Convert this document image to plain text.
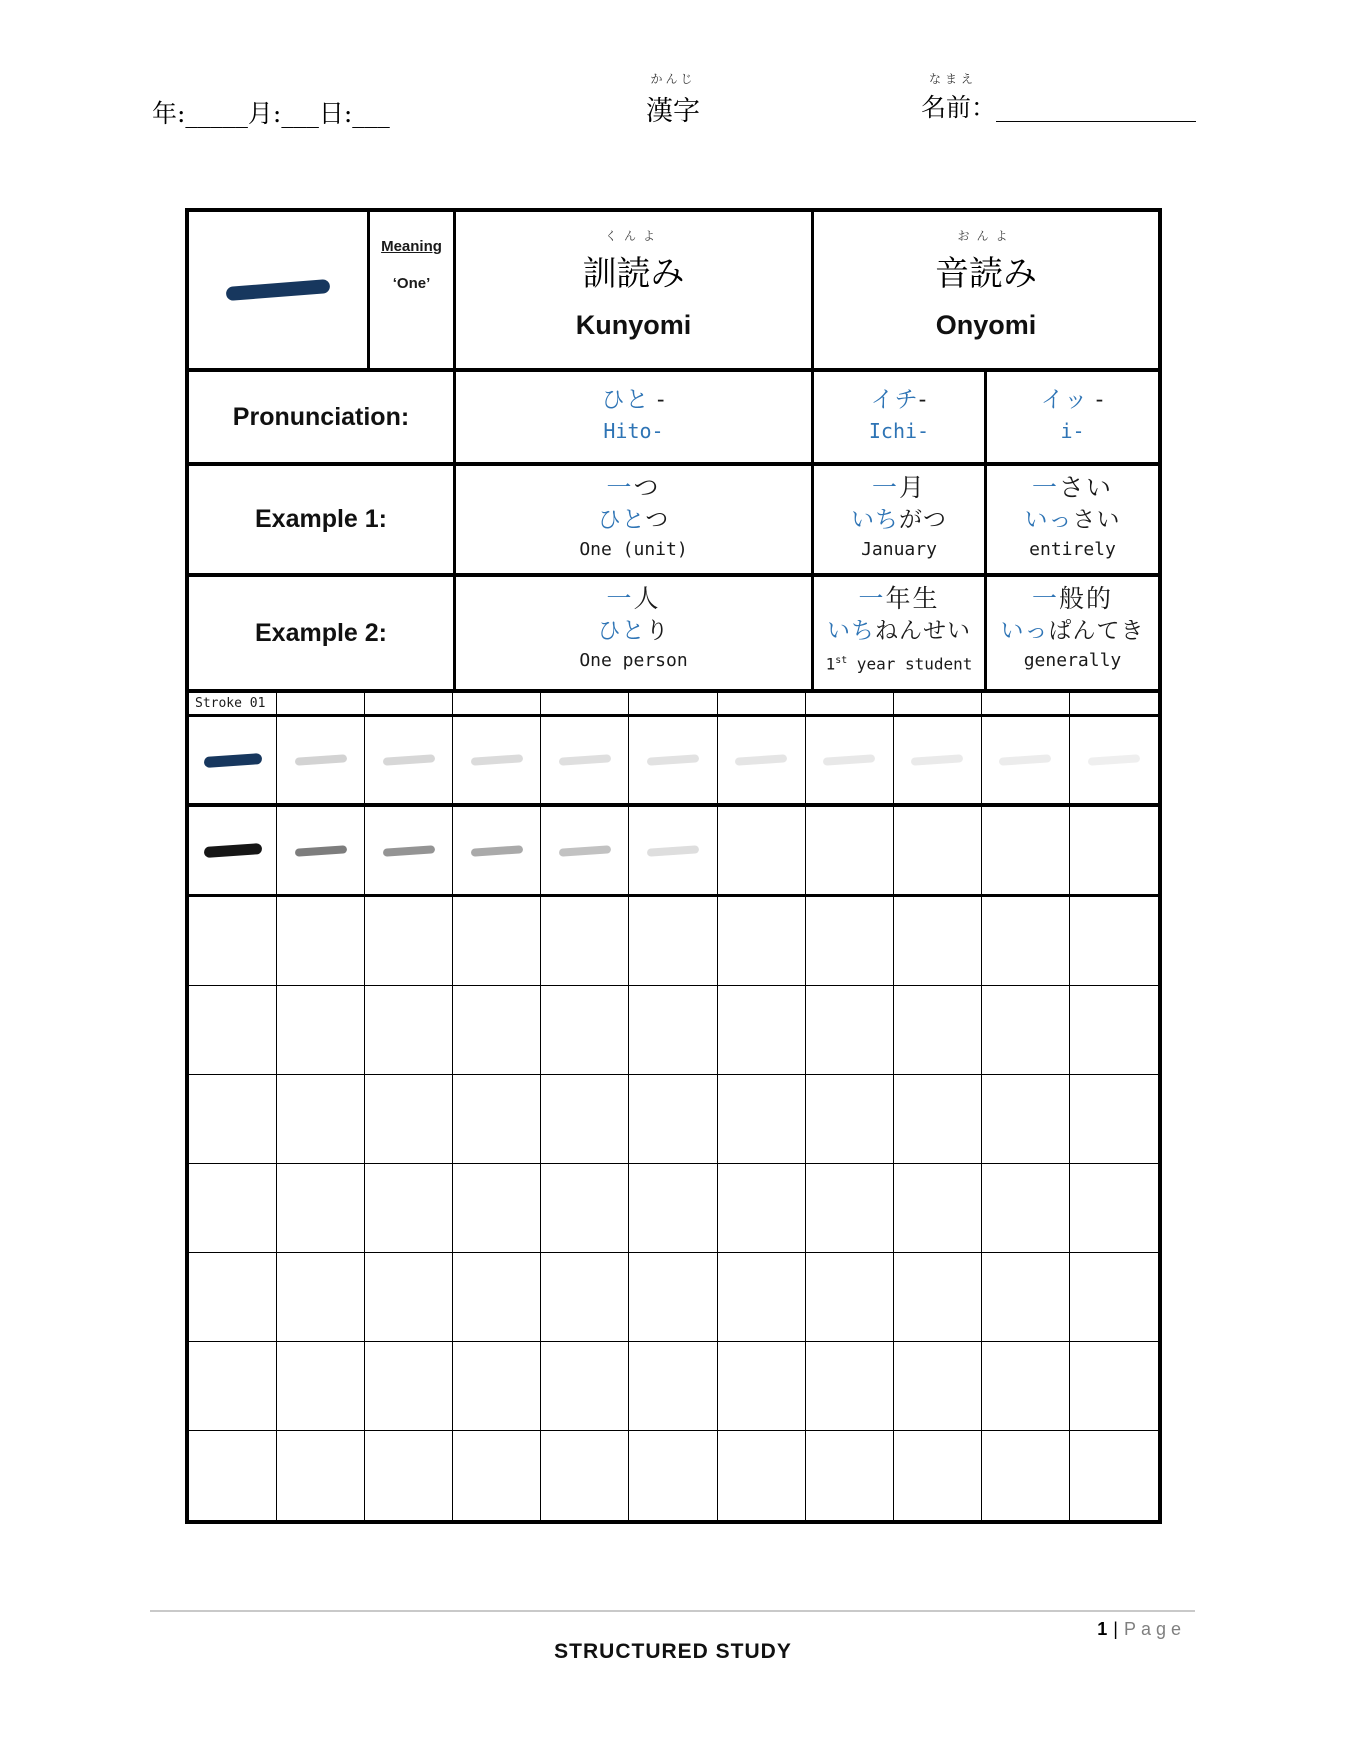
年:_____月:___日:___
かんじ
漢字
なまえ
名前：________________
Meaning
‘One’
くんよ
訓読み
Kunyomi
おんよ
音読み
Onyomi
Pronunciation:
ひと -
Hito-
イチ-
Ichi-
イッ -
i-
Example 1:
一つ
ひとつ
One (unit)
一月
いちがつ
January
一さい
いっさい
entirely
Example 2:
一人
ひとり
One person
一年生
いちねんせい
1st year student
一般的
いっぱんてき
generally
Stroke 01
1 | Page
STRUCTURED STUDY
